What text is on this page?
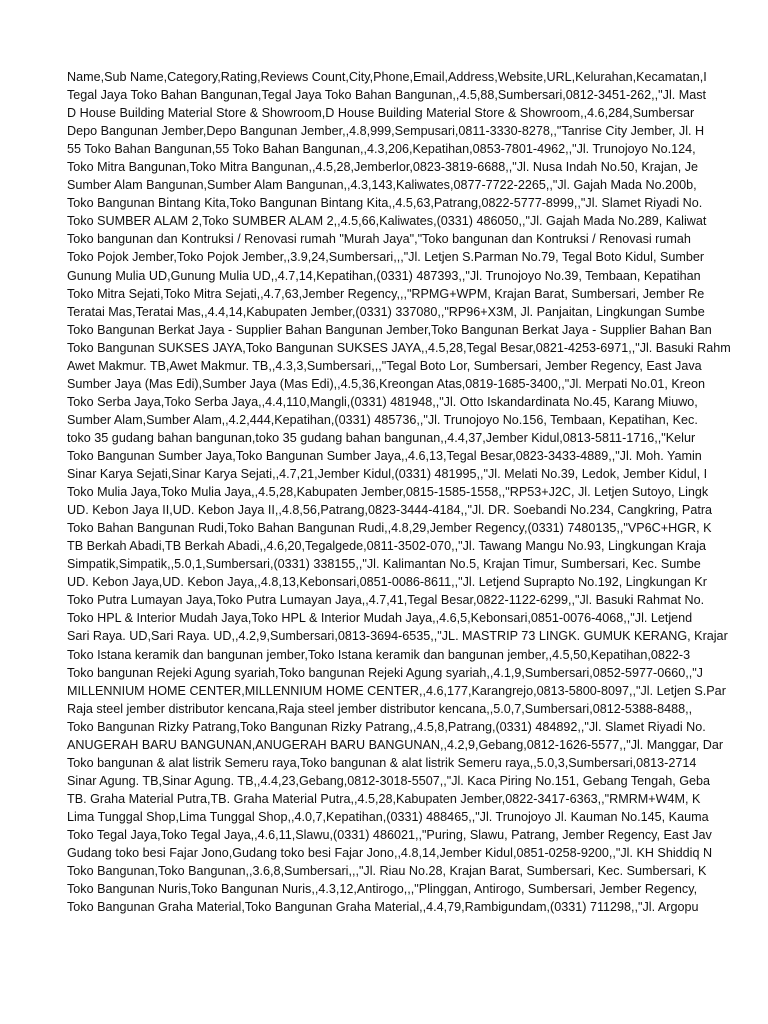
Name,Sub Name,Category,Rating,Reviews Count,City,Phone,Email,Address,Website,URL,Kelurahan,Kecamatan,I
Tegal Jaya Toko Bahan Bangunan,Tegal Jaya Toko Bahan Bangunan,,4.5,88,Sumbersari,0812-3451-262,,"Jl. Mast
D House Building Material Store & Showroom,D House Building Material Store & Showroom,,4.6,284,Sumbersar
Depo Bangunan Jember,Depo Bangunan Jember,,4.8,999,Sempusari,0811-3330-8278,,"Tanrise City Jember, Jl. H
55 Toko Bahan Bangunan,55 Toko Bahan Bangunan,,4.3,206,Kepatihan,0853-7801-4962,,"Jl. Trunojoyo No.124,
Toko Mitra Bangunan,Toko Mitra Bangunan,,4.5,28,Jemberlor,0823-3819-6688,,"Jl. Nusa Indah No.50, Krajan, Je
Sumber Alam Bangunan,Sumber Alam Bangunan,,4.3,143,Kaliwates,0877-7722-2265,,"Jl. Gajah Mada No.200b,
Toko Bangunan Bintang Kita,Toko Bangunan Bintang Kita,,4.5,63,Patrang,0822-5777-8999,,"Jl. Slamet Riyadi No.
Toko SUMBER ALAM 2,Toko SUMBER ALAM 2,,4.5,66,Kaliwates,(0331) 486050,,"Jl. Gajah Mada No.289, Kaliwat
Toko bangunan dan Kontruksi / Renovasi rumah "Murah Jaya","Toko bangunan dan Kontruksi / Renovasi rumah
Toko Pojok Jember,Toko Pojok Jember,,3.9,24,Sumbersari,,,"Jl. Letjen S.Parman No.79, Tegal Boto Kidul, Sumber
Gunung Mulia UD,Gunung Mulia UD,,4.7,14,Kepatihan,(0331) 487393,,"Jl. Trunojoyo No.39, Tembaan, Kepatihan
Toko Mitra Sejati,Toko Mitra Sejati,,4.7,63,Jember Regency,,,"RPMG+WPM, Krajan Barat, Sumbersari, Jember Re
Teratai Mas,Teratai Mas,,4.4,14,Kabupaten Jember,(0331) 337080,,"RP96+X3M, Jl. Panjaitan, Lingkungan Sumbe
Toko Bangunan Berkat Jaya - Supplier Bahan Bangunan Jember,Toko Bangunan Berkat Jaya - Supplier Bahan Ban
Toko Bangunan SUKSES JAYA,Toko Bangunan SUKSES JAYA,,4.5,28,Tegal Besar,0821-4253-6971,,"Jl. Basuki Rahm
Awet Makmur. TB,Awet Makmur. TB,,4.3,3,Sumbersari,,,"Tegal Boto Lor, Sumbersari, Jember Regency, East Java
Sumber Jaya (Mas Edi),Sumber Jaya (Mas Edi),,4.5,36,Kreongan Atas,0819-1685-3400,,"Jl. Merpati No.01, Kreon
Toko Serba Jaya,Toko Serba Jaya,,4.4,110,Mangli,(0331) 481948,,"Jl. Otto Iskandardinata No.45, Karang Miuwo,
Sumber Alam,Sumber Alam,,4.2,444,Kepatihan,(0331) 485736,,"Jl. Trunojoyo No.156, Tembaan, Kepatihan, Kec.
toko 35 gudang bahan bangunan,toko 35 gudang bahan bangunan,,4.4,37,Jember Kidul,0813-5811-1716,,"Kelur
Toko Bangunan Sumber Jaya,Toko Bangunan Sumber Jaya,,4.6,13,Tegal Besar,0823-3433-4889,,"Jl. Moh. Yamin
Sinar Karya Sejati,Sinar Karya Sejati,,4.7,21,Jember Kidul,(0331) 481995,,"Jl. Melati No.39, Ledok, Jember Kidul, I
Toko Mulia Jaya,Toko Mulia Jaya,,4.5,28,Kabupaten Jember,0815-1585-1558,,"RP53+J2C, Jl. Letjen Sutoyo, Lingk
UD. Kebon Jaya II,UD. Kebon Jaya II,,4.8,56,Patrang,0823-3444-4184,,"Jl. DR. Soebandi No.234, Cangkring, Patra
Toko Bahan Bangunan Rudi,Toko Bahan Bangunan Rudi,,4.8,29,Jember Regency,(0331) 7480135,,"VP6C+HGR, K
TB Berkah Abadi,TB Berkah Abadi,,4.6,20,Tegalgede,0811-3502-070,,"Jl. Tawang Mangu No.93, Lingkungan Kraja
Simpatik,Simpatik,,5.0,1,Sumbersari,(0331) 338155,,"Jl. Kalimantan No.5, Krajan Timur, Sumbersari, Kec. Sumbe
UD. Kebon Jaya,UD. Kebon Jaya,,4.8,13,Kebonsari,0851-0086-8611,,"Jl. Letjend Suprapto No.192, Lingkungan Kr
Toko Putra Lumayan Jaya,Toko Putra Lumayan Jaya,,4.7,41,Tegal Besar,0822-1122-6299,,"Jl. Basuki Rahmat No.
Toko HPL & Interior Mudah Jaya,Toko HPL & Interior Mudah Jaya,,4.6,5,Kebonsari,0851-0076-4068,,"Jl. Letjend
Sari Raya. UD,Sari Raya. UD,,4.2,9,Sumbersari,0813-3694-6535,,"JL. MASTRIP 73 LINGK. GUMUK KERANG, Krajar
Toko Istana keramik dan bangunan jember,Toko Istana keramik dan bangunan jember,,4.5,50,Kepatihan,0822-3
Toko bangunan Rejeki Agung syariah,Toko bangunan Rejeki Agung syariah,,4.1,9,Sumbersari,0852-5977-0660,,"J
MILLENNIUM HOME CENTER,MILLENNIUM HOME CENTER,,4.6,177,Karangrejo,0813-5800-8097,,"Jl. Letjen S.Par
Raja steel jember distributor kencana,Raja steel jember distributor kencana,,5.0,7,Sumbersari,0812-5388-8488,,
Toko Bangunan Rizky Patrang,Toko Bangunan Rizky Patrang,,4.5,8,Patrang,(0331) 484892,,"Jl. Slamet Riyadi No.
ANUGERAH BARU BANGUNAN,ANUGERAH BARU BANGUNAN,,4.2,9,Gebang,0812-1626-5577,,"Jl. Manggar, Dar
Toko bangunan & alat listrik Semeru raya,Toko bangunan & alat listrik Semeru raya,,5.0,3,Sumbersari,0813-2714
Sinar Agung. TB,Sinar Agung. TB,,4.4,23,Gebang,0812-3018-5507,,"Jl. Kaca Piring No.151, Gebang Tengah, Geba
TB. Graha Material Putra,TB. Graha Material Putra,,4.5,28,Kabupaten Jember,0822-3417-6363,,"RMRM+W4M, K
Lima Tunggal Shop,Lima Tunggal Shop,,4.0,7,Kepatihan,(0331) 488465,,"Jl. Trunojoyo Jl. Kauman No.145, Kauma
Toko Tegal Jaya,Toko Tegal Jaya,,4.6,11,Slawu,(0331) 486021,,"Puring, Slawu, Patrang, Jember Regency, East Jav
Gudang toko besi Fajar Jono,Gudang toko besi Fajar Jono,,4.8,14,Jember Kidul,0851-0258-9200,,"Jl. KH Shiddiq N
Toko Bangunan,Toko Bangunan,,3.6,8,Sumbersari,,,"Jl. Riau No.28, Krajan Barat, Sumbersari, Kec. Sumbersari, K
Toko Bangunan Nuris,Toko Bangunan Nuris,,4.3,12,Antirogo,,,"Plinggan, Antirogo, Sumbersari, Jember Regency,
Toko Bangunan Graha Material,Toko Bangunan Graha Material,,4.4,79,Rambigundam,(0331) 711298,,"Jl. Argopu
